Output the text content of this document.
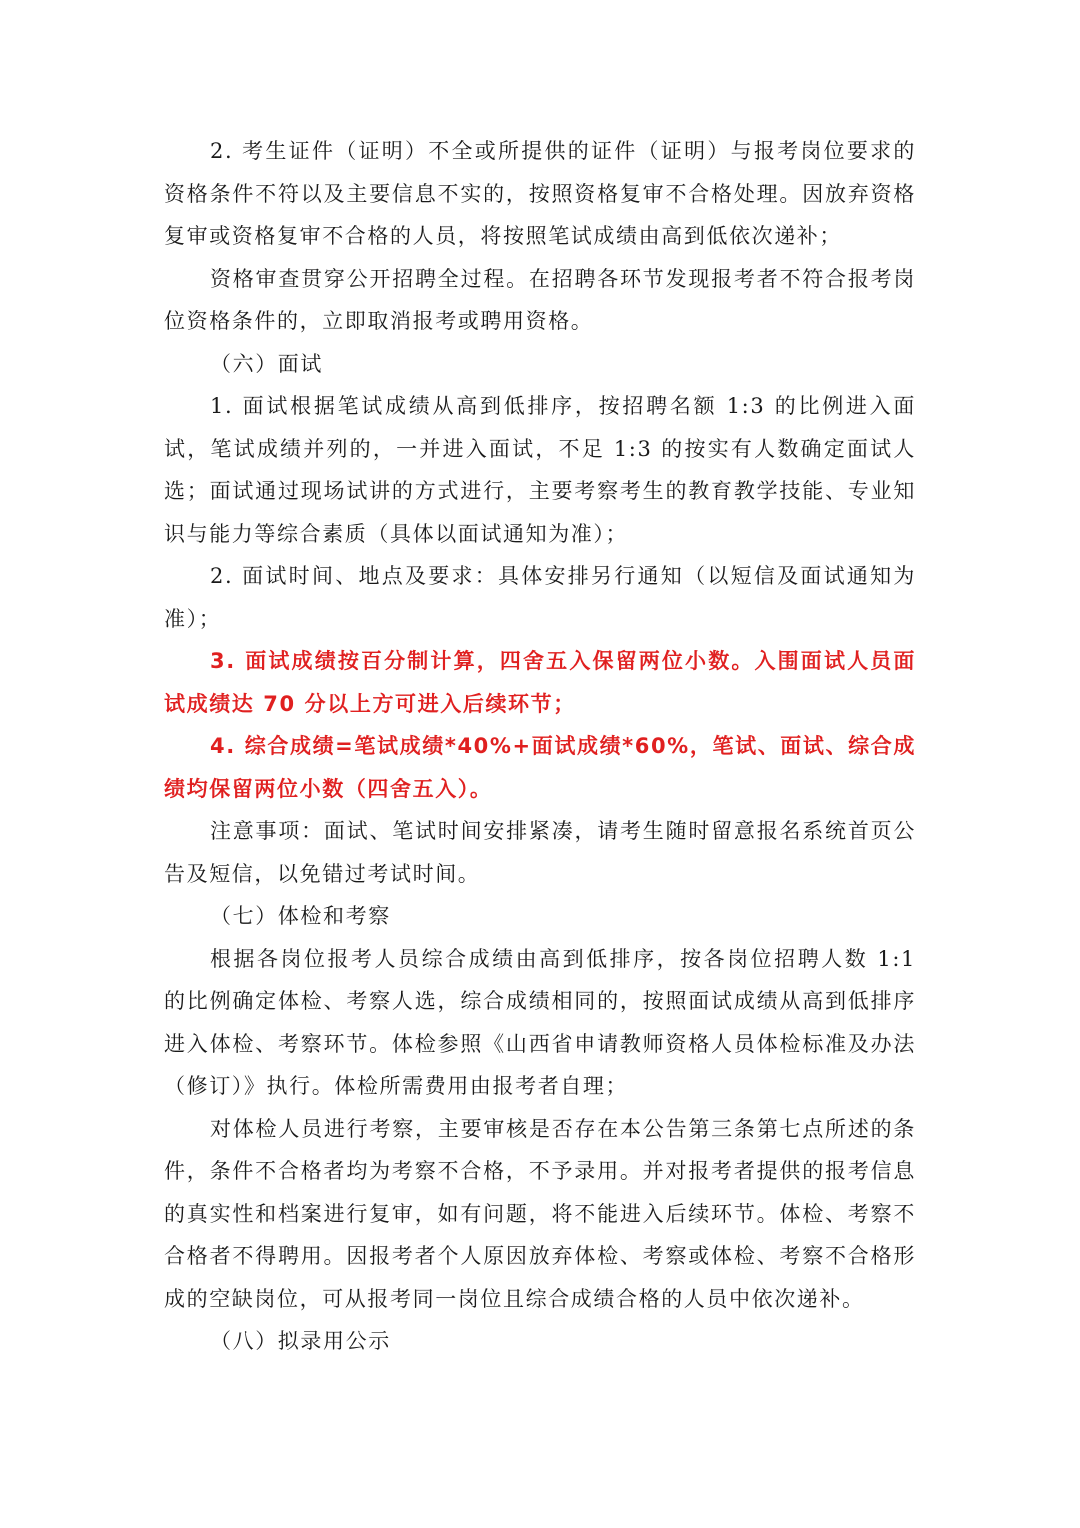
2. 考生证件（证明）不全或所提供的证件（证明）与报考岗位要求的资格条件不符以及主要信息不实的，按照资格复审不合格处理。因放弃资格复审或资格复审不合格的人员，将按照笔试成绩由高到低依次递补；

资格审查贯穿公开招聘全过程。在招聘各环节发现报考者不符合报考岗位资格条件的，立即取消报考或聘用资格。

（六）面试

1. 面试根据笔试成绩从高到低排序，按招聘名额 1:3 的比例进入面试，笔试成绩并列的，一并进入面试，不足 1:3 的按实有人数确定面试人选；面试通过现场试讲的方式进行，主要考察考生的教育教学技能、专业知识与能力等综合素质（具体以面试通知为准）；

2. 面试时间、地点及要求：具体安排另行通知（以短信及面试通知为准）；

3. 面试成绩按百分制计算，四舍五入保留两位小数。入围面试人员面试成绩达 70 分以上方可进入后续环节；

4. 综合成绩=笔试成绩*40%+面试成绩*60%，笔试、面试、综合成绩均保留两位小数（四舍五入）。

注意事项：面试、笔试时间安排紧凑，请考生随时留意报名系统首页公告及短信，以免错过考试时间。

（七）体检和考察

根据各岗位报考人员综合成绩由高到低排序，按各岗位招聘人数 1:1 的比例确定体检、考察人选，综合成绩相同的，按照面试成绩从高到低排序进入体检、考察环节。体检参照《山西省申请教师资格人员体检标准及办法（修订）》执行。体检所需费用由报考者自理；

对体检人员进行考察，主要审核是否存在本公告第三条第七点所述的条件，条件不合格者均为考察不合格，不予录用。并对报考者提供的报考信息的真实性和档案进行复审，如有问题，将不能进入后续环节。体检、考察不合格者不得聘用。因报考者个人原因放弃体检、考察或体检、考察不合格形成的空缺岗位，可从报考同一岗位且综合成绩合格的人员中依次递补。

（八）拟录用公示
